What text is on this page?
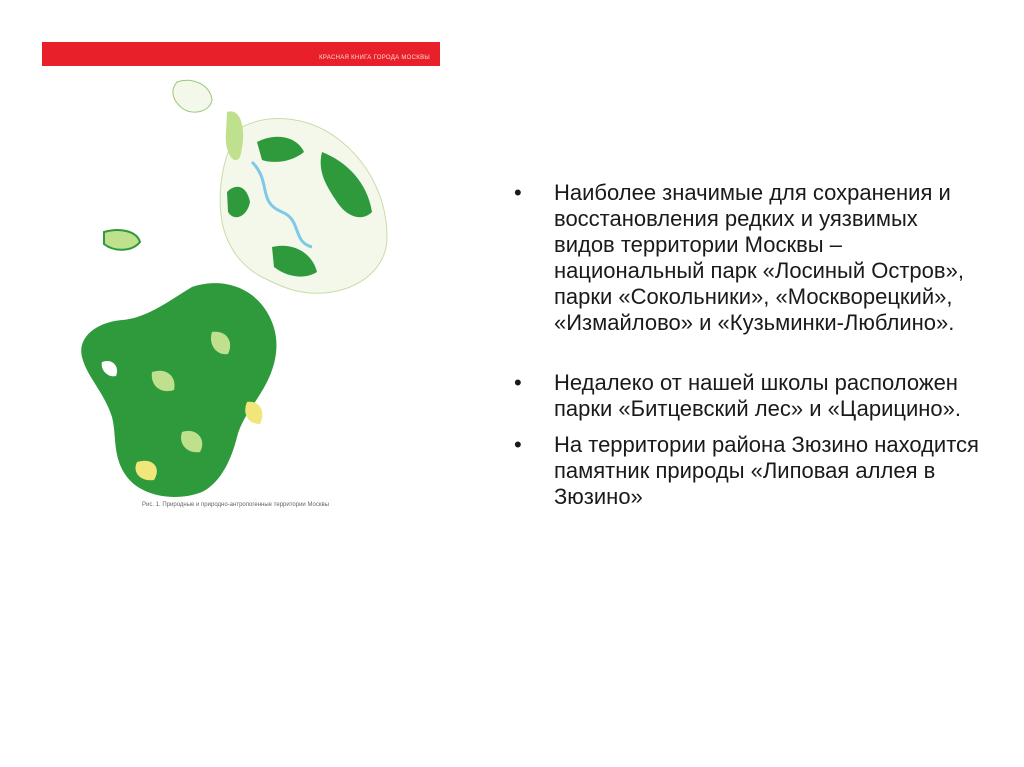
КРАСНАЯ КНИГА ГОРОДА МОСКВЫ
Рис. 1. Природные и природно-антропогенные территории Москвы
• Наиболее значимые для сохранения и восстановления редких и уязвимых видов территории Москвы – национальный парк «Лосиный Остров», парки «Сокольники», «Москворецкий», «Измайлово» и «Кузьминки-Люблино».
• Недалеко от нашей школы расположен парки «Битцевский лес» и «Царицино».
• На территории района Зюзино находится памятник природы «Липовая аллея в Зюзино»
